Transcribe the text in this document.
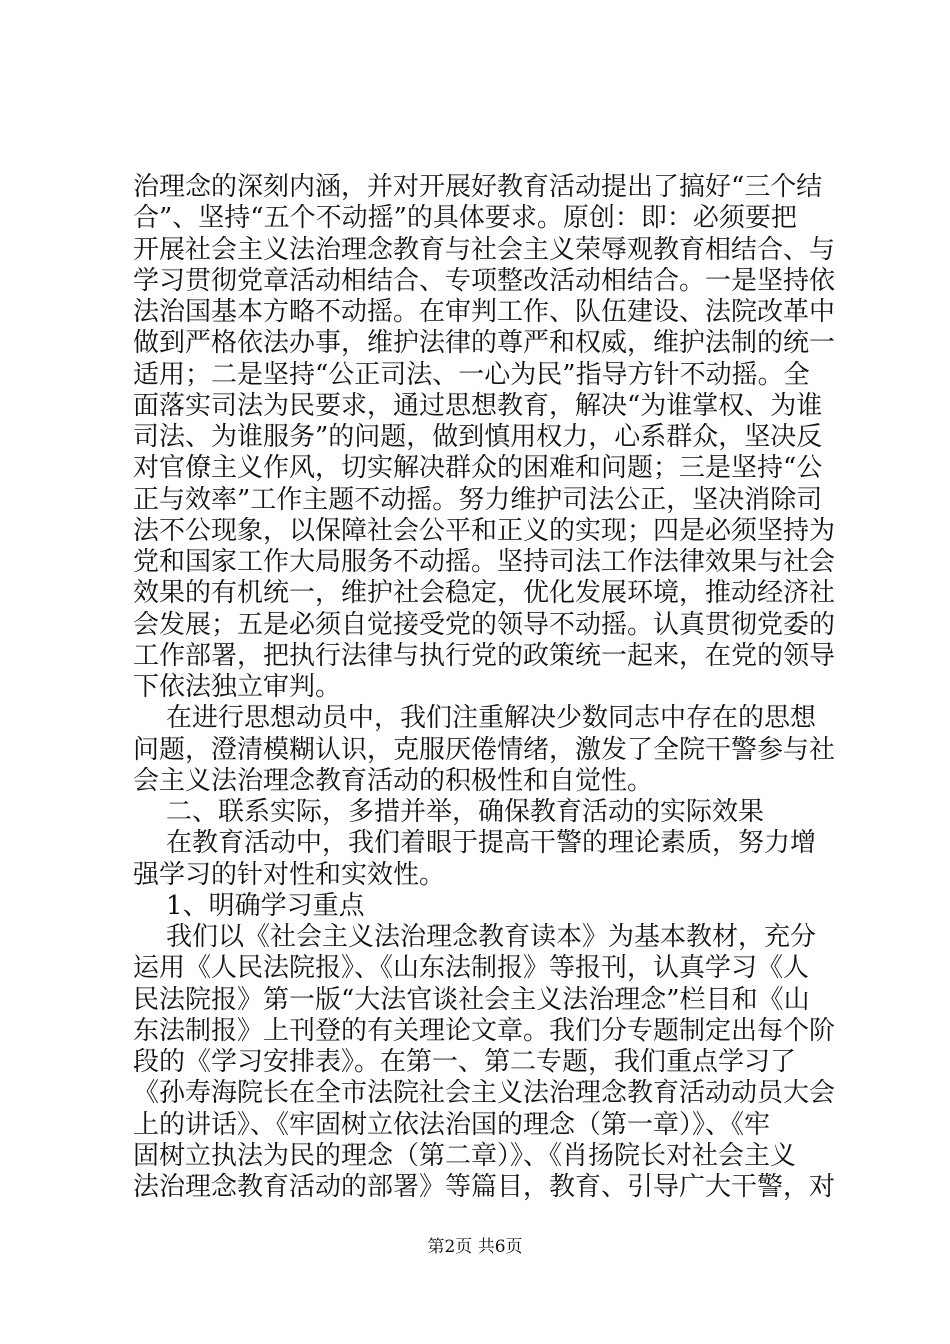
治理念的深刻内涵，并对开展好教育活动提出了搞好“三个结
合”、坚持“五个不动摇”的具体要求。原创：即：必须要把
开展社会主义法治理念教育与社会主义荣辱观教育相结合、与
学习贯彻党章活动相结合、专项整改活动相结合。一是坚持依
法治国基本方略不动摇。在审判工作、队伍建设、法院改革中
做到严格依法办事，维护法律的尊严和权威，维护法制的统一
适用；二是坚持“公正司法、一心为民”指导方针不动摇。全
面落实司法为民要求，通过思想教育，解决“为谁掌权、为谁
司法、为谁服务”的问题，做到慎用权力，心系群众，坚决反
对官僚主义作风，切实解决群众的困难和问题；三是坚持“公
正与效率”工作主题不动摇。努力维护司法公正，坚决消除司
法不公现象，以保障社会公平和正义的实现；四是必须坚持为
党和国家工作大局服务不动摇。坚持司法工作法律效果与社会
效果的有机统一，维护社会稳定，优化发展环境，推动经济社
会发展；五是必须自觉接受党的领导不动摇。认真贯彻党委的
工作部署，把执行法律与执行党的政策统一起来，在党的领导
下依法独立审判。
在进行思想动员中，我们注重解决少数同志中存在的思想
问题，澄清模糊认识，克服厌倦情绪，激发了全院干警参与社
会主义法治理念教育活动的积极性和自觉性。
二、联系实际，多措并举，确保教育活动的实际效果
在教育活动中，我们着眼于提高干警的理论素质，努力增
强学习的针对性和实效性。
1、明确学习重点
我们以《社会主义法治理念教育读本》为基本教材，充分
运用《人民法院报》、《山东法制报》等报刊，认真学习《人
民法院报》第一版“大法官谈社会主义法治理念”栏目和《山
东法制报》上刊登的有关理论文章。我们分专题制定出每个阶
段的《学习安排表》。在第一、第二专题，我们重点学习了
《孙寿海院长在全市法院社会主义法治理念教育活动动员大会
上的讲话》、《牢固树立依法治国的理念（第一章）》、《牢
固树立执法为民的理念（第二章）》、《肖扬院长对社会主义
法治理念教育活动的部署》等篇目，教育、引导广大干警，对
第2页 共6页
